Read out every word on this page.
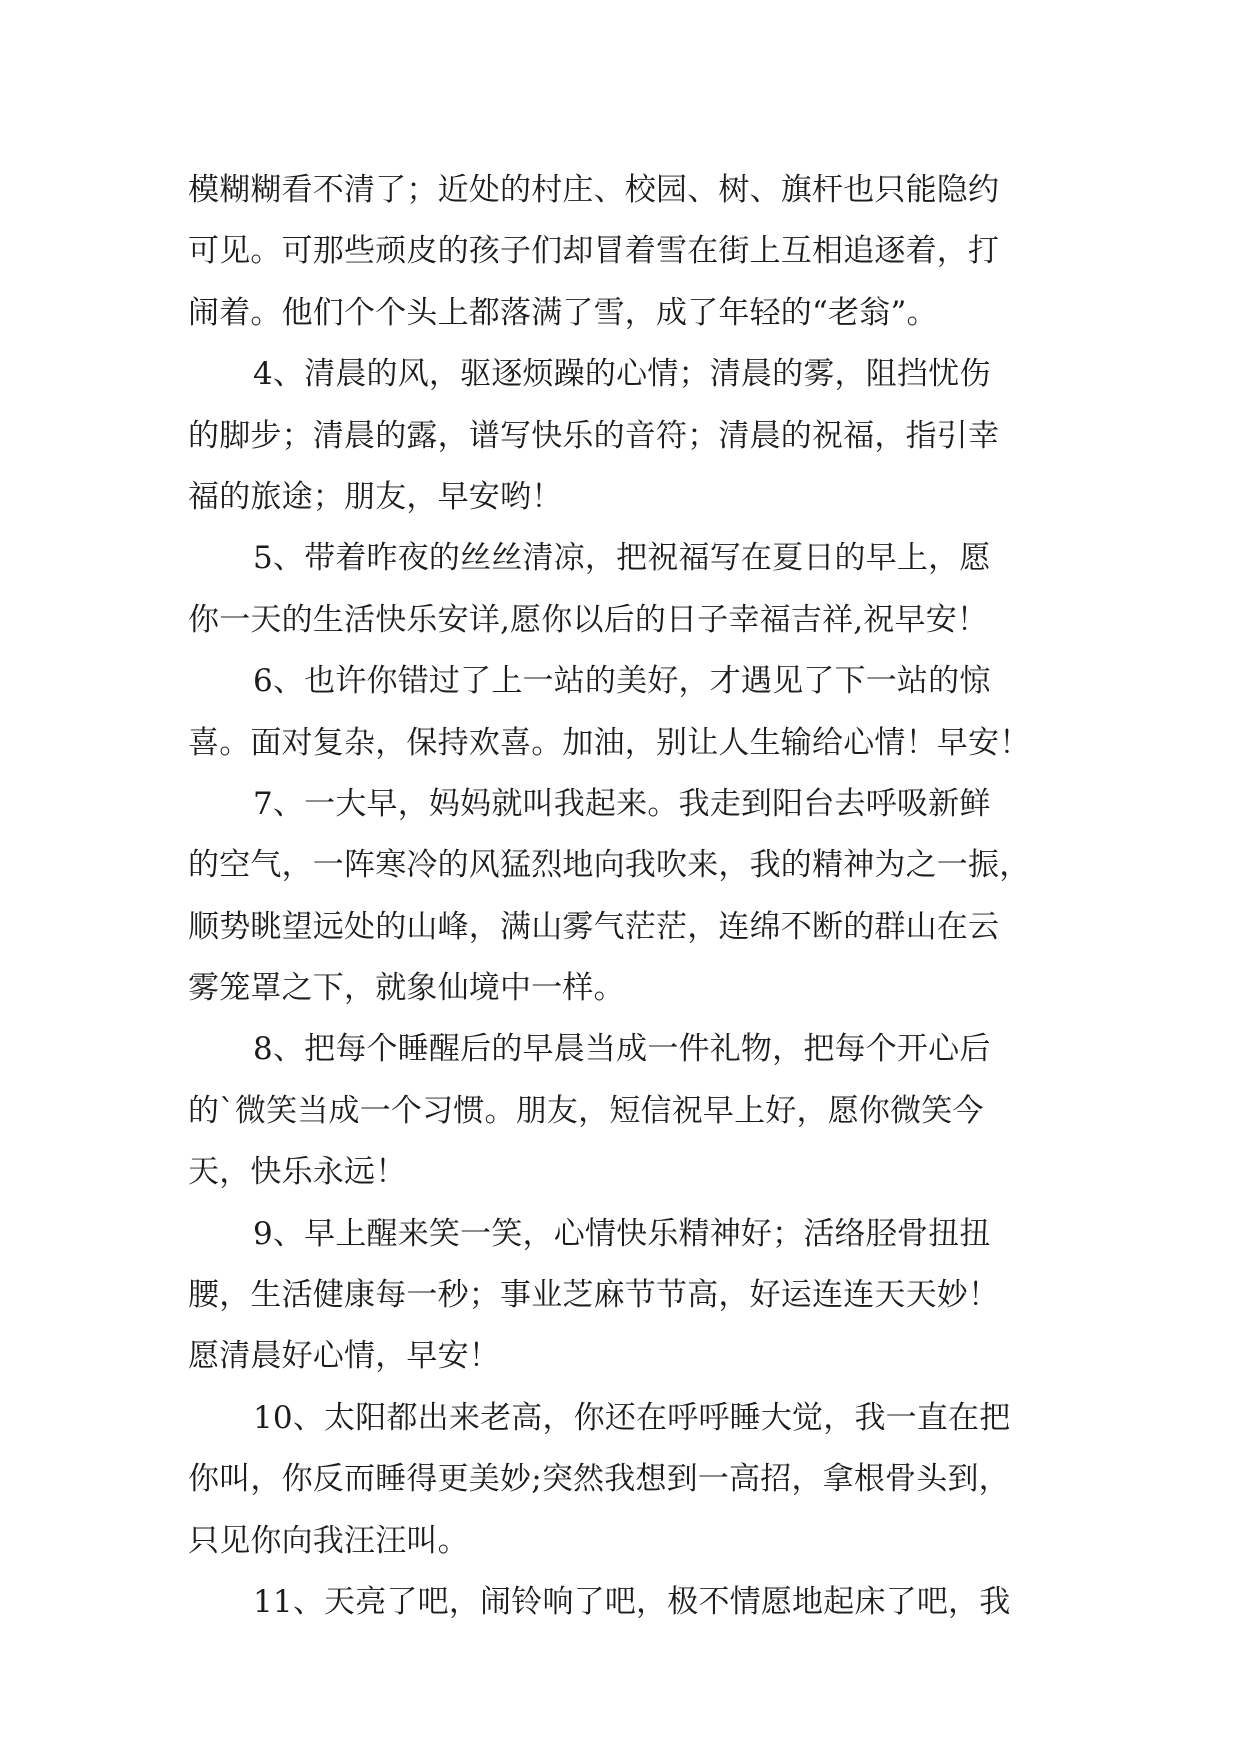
模糊糊看不清了；近处的村庄、校园、树、旗杆也只能隐约
可见。可那些顽皮的孩子们却冒着雪在街上互相追逐着，打
闹着。他们个个头上都落满了雪，成了年轻的“老翁”。
4、清晨的风，驱逐烦躁的心情；清晨的雾，阻挡忧伤
的脚步；清晨的露，谱写快乐的音符；清晨的祝福，指引幸
福的旅途；朋友，早安哟！
5、带着昨夜的丝丝清凉，把祝福写在夏日的早上，愿
你一天的生活快乐安详,愿你以后的日子幸福吉祥,祝早安！
6、也许你错过了上一站的美好，才遇见了下一站的惊
喜。面对复杂，保持欢喜。加油，别让人生输给心情！早安！
7、一大早，妈妈就叫我起来。我走到阳台去呼吸新鲜
的空气，一阵寒冷的风猛烈地向我吹来，我的精神为之一振，
顺势眺望远处的山峰，满山雾气茫茫，连绵不断的群山在云
雾笼罩之下，就象仙境中一样。
8、把每个睡醒后的早晨当成一件礼物，把每个开心后
的`微笑当成一个习惯。朋友，短信祝早上好，愿你微笑今
天，快乐永远！
9、早上醒来笑一笑，心情快乐精神好；活络胫骨扭扭
腰，生活健康每一秒；事业芝麻节节高，好运连连天天妙！
愿清晨好心情，早安！
10、太阳都出来老高，你还在呼呼睡大觉，我一直在把
你叫，你反而睡得更美妙;突然我想到一高招，拿根骨头到，
只见你向我汪汪叫。
11、天亮了吧，闹铃响了吧，极不情愿地起床了吧，我
